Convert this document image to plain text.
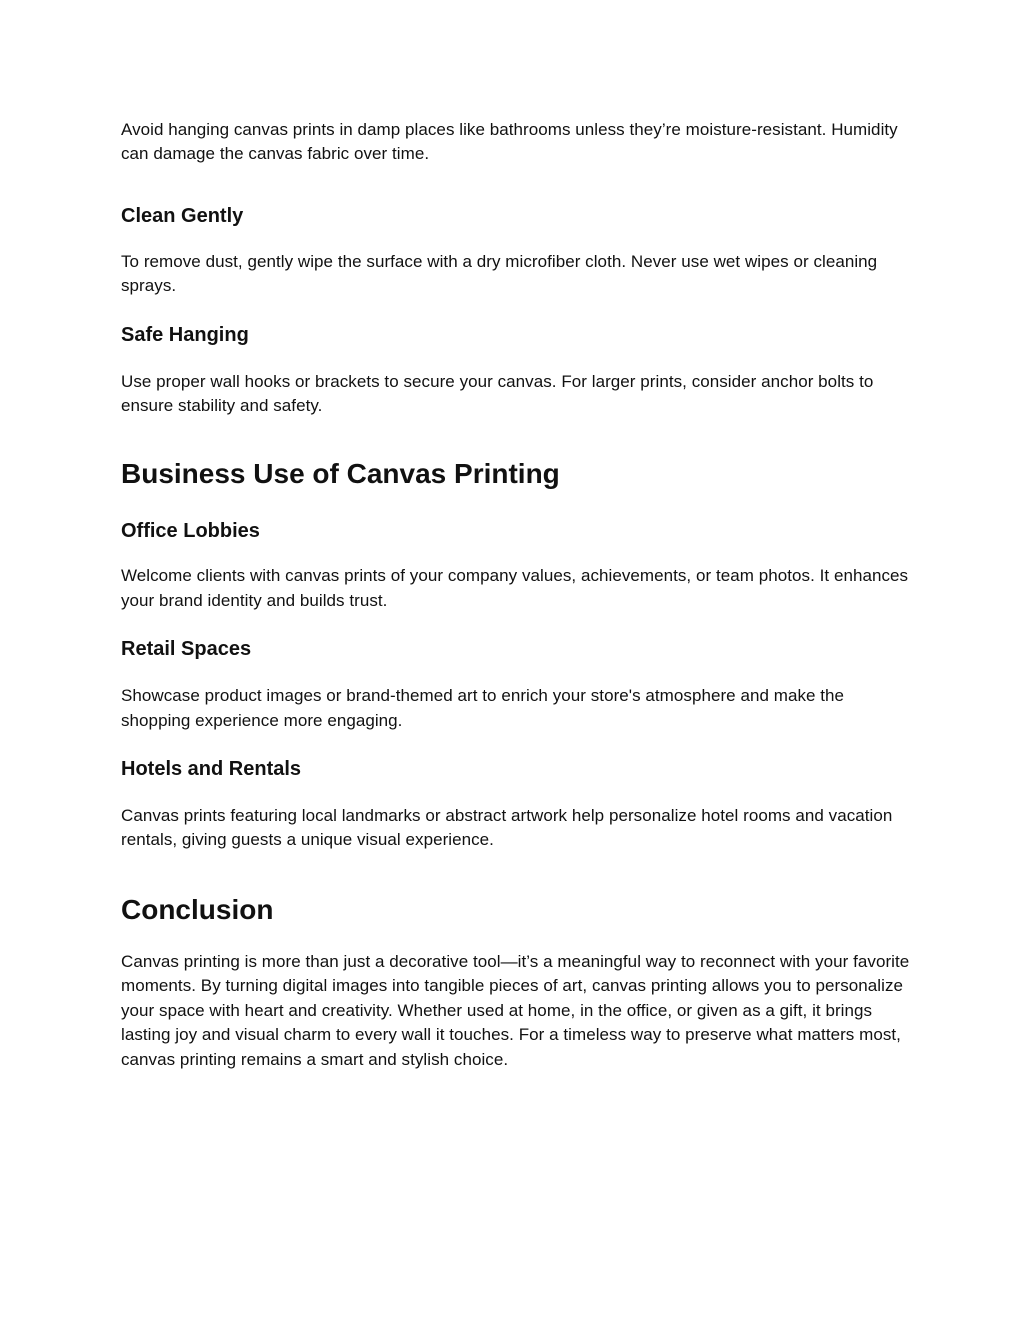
Avoid hanging canvas prints in damp places like bathrooms unless they’re moisture-resistant. Humidity can damage the canvas fabric over time.

Clean Gently

To remove dust, gently wipe the surface with a dry microfiber cloth. Never use wet wipes or cleaning sprays.

Safe Hanging

Use proper wall hooks or brackets to secure your canvas. For larger prints, consider anchor bolts to ensure stability and safety.

Business Use of Canvas Printing
Office Lobbies

Welcome clients with canvas prints of your company values, achievements, or team photos. It enhances your brand identity and builds trust.

Retail Spaces

Showcase product images or brand-themed art to enrich your store's atmosphere and make the shopping experience more engaging.

Hotels and Rentals

Canvas prints featuring local landmarks or abstract artwork help personalize hotel rooms and vacation rentals, giving guests a unique visual experience.

Conclusion

Canvas printing is more than just a decorative tool—it’s a meaningful way to reconnect with your favorite moments. By turning digital images into tangible pieces of art, canvas printing allows you to personalize your space with heart and creativity. Whether used at home, in the office, or given as a gift, it brings lasting joy and visual charm to every wall it touches. For a timeless way to preserve what matters most, canvas printing remains a smart and stylish choice.
